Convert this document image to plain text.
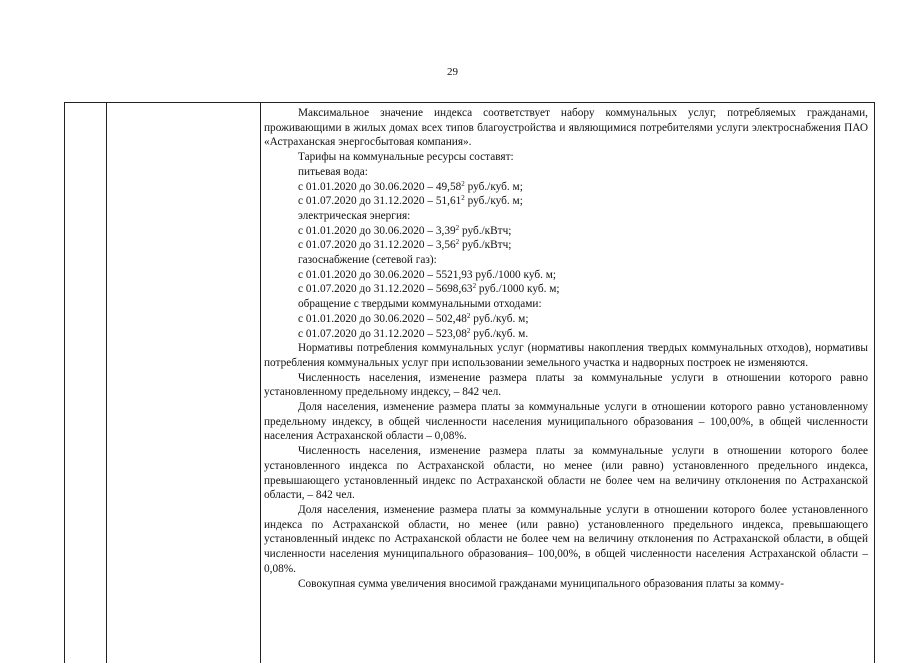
29

Максимальное значение индекса соответствует набору коммунальных услуг, потребляемых гражданами, проживающими в жилых домах всех типов благоустройства и являющимися потребителями услуги электроснабжения ПАО «Астраханская энергосбытовая компания».

Тарифы на коммунальные ресурсы составят:

питьевая вода:

с 01.01.2020 до 30.06.2020 – 49,58$^2$ руб./куб. м;

с 01.07.2020 до 31.12.2020 – 51,61$^2$ руб./куб. м;

электрическая энергия:

с 01.01.2020 до 30.06.2020 – 3,39$^2$ руб./кВтч;

с 01.07.2020 до 31.12.2020 – 3,56$^2$ руб./кВтч;

газоснабжение (сетевой газ):

с 01.01.2020 до 30.06.2020 – 5521,93 руб./1000 куб. м;

с 01.07.2020 до 31.12.2020 – 5698,63$^2$ руб./1000 куб. м;

обращение с твердыми коммунальными отходами:

с 01.01.2020 до 30.06.2020 – 502,48$^2$ руб./куб. м;

с 01.07.2020 до 31.12.2020 – 523,08$^2$ руб./куб. м.

Нормативы потребления коммунальных услуг (нормативы накопления твердых коммунальных отходов), нормативы потребления коммунальных услуг при использовании земельного участка и надворных построек не изменяются.

Численность населения, изменение размера платы за коммунальные услуги в отношении которого равно установленному предельному индексу, – 842 чел.

Доля населения, изменение размера платы за коммунальные услуги в отношении которого равно установленному предельному индексу, в общей численности населения муниципального образования – 100,00%, в общей численности населения Астраханской области – 0,08%.

Численность населения, изменение размера платы за коммунальные услуги в отношении которого более установленного индекса по Астраханской области, но менее (или равно) установленного предельного индекса, превышающего установленный индекс по Астраханской области не более чем на величину отклонения по Астраханской области, – 842 чел.

Доля населения, изменение размера платы за коммунальные услуги в отношении которого более установленного индекса по Астраханской области, но менее (или равно) установленного предельного индекса, превышающего установленный индекс по Астраханской области не более чем на величину отклонения по Астраханской области, в общей численности населения муниципального образования– 100,00%, в общей численности населения Астраханской области – 0,08%.

Совокупная сумма увеличения вносимой гражданами муниципального образования платы за комму-
